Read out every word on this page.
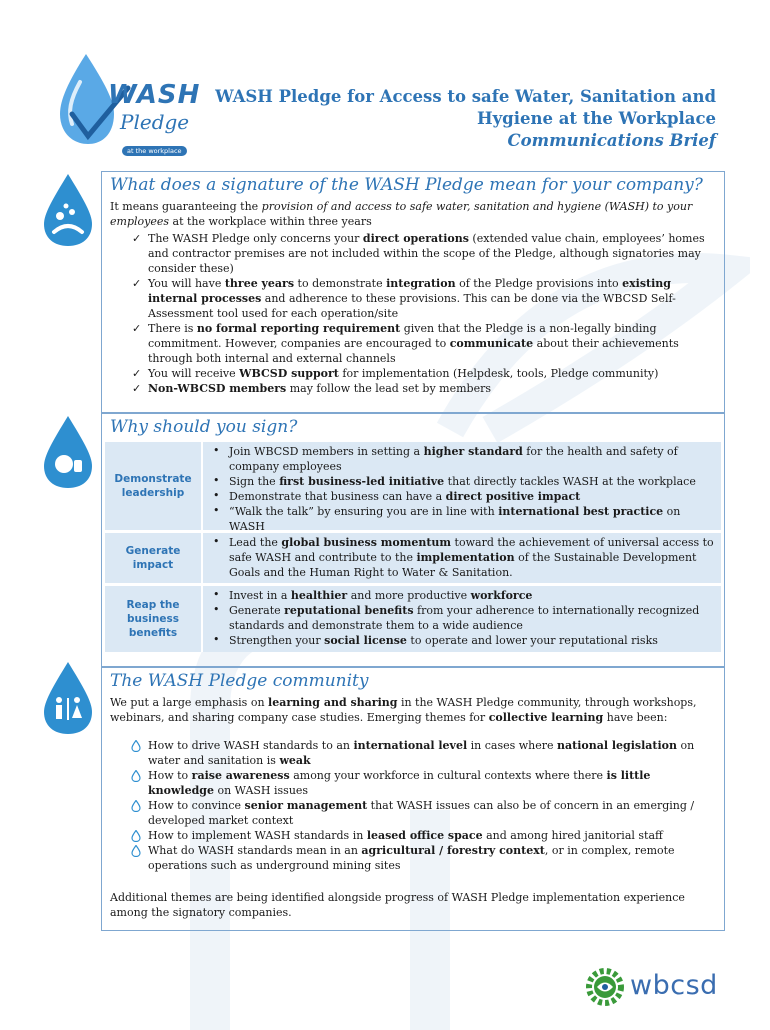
WASH
Pledge
at the workplace
WASH Pledge for Access to safe Water, Sanitation and
Hygiene at the Workplace
Communications Brief
What does a signature of the WASH Pledge mean for your company?

It means guaranteeing the provision of and access to safe water, sanitation and hygiene (WASH) to your employees at the workplace within three years

✓ The WASH Pledge only concerns your direct operations (extended value chain, employees’ homes and contractor premises are not included within the scope of the Pledge, although signatories may consider these)
✓ You will have three years to demonstrate integration of the Pledge provisions into existing internal processes and adherence to these provisions. This can be done via the WBCSD Self-Assessment tool used for each operation/site
✓ There is no formal reporting requirement given that the Pledge is a non-legally binding commitment. However, companies are encouraged to communicate about their achievements through both internal and external channels
✓ You will receive WBCSD support for implementation (Helpdesk, tools, Pledge community)
✓ Non-WBCSD members may follow the lead set by members
Why should you sign?
Demonstrate leadership
• Join WBCSD members in setting a higher standard for the health and safety of company employees
• Sign the first business-led initiative that directly tackles WASH at the workplace
• Demonstrate that business can have a direct positive impact
• “Walk the talk” by ensuring you are in line with international best practice on WASH
Generate impact
• Lead the global business momentum toward the achievement of universal access to safe WASH and contribute to the implementation of the Sustainable Development Goals and the Human Right to Water & Sanitation.
Reap the business benefits
• Invest in a healthier and more productive workforce
• Generate reputational benefits from your adherence to internationally recognized standards and demonstrate them to a wide audience
• Strengthen your social license to operate and lower your reputational risks
The WASH Pledge community

We put a large emphasis on learning and sharing in the WASH Pledge community, through workshops, webinars, and sharing company case studies. Emerging themes for collective learning have been:

How to drive WASH standards to an international level in cases where national legislation on water and sanitation is weak
How to raise awareness among your workforce in cultural contexts where there is little knowledge on WASH issues
How to convince senior management that WASH issues can also be of concern in an emerging / developed market context
How to implement WASH standards in leased office space and among hired janitorial staff
What do WASH standards mean in an agricultural / forestry context, or in complex, remote operations such as underground mining sites

Additional themes are being identified alongside progress of WASH Pledge implementation experience among the signatory companies.

wbcsd
